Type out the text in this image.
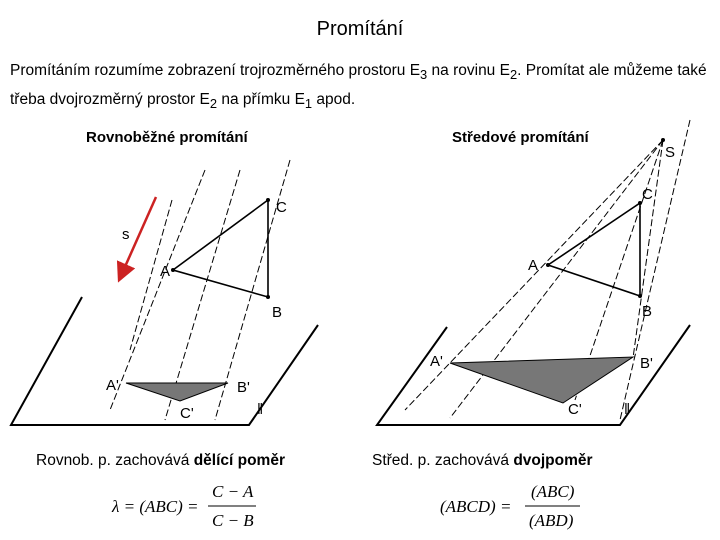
Promítání
Promítáním rozumíme zobrazení trojrozměrného prostoru $E_3$ na rovinu $E_2$. Promítat ale můžeme také třeba dvojrozměrný prostor $E_2$ na přímku $E_1$ apod.
Rovnoběžné promítání	Středové promítání
s
A
C
B
A'	B'
C'	ǁ
S
A
C
B
A'	B'
C'	ǁ
λ = (ABC) =
C − A
C − B
(ABCD) =
(ABC)
(ABD)
Rovnob. p. zachovává dělící poměr	Střed. p. zachovává dvojpoměr
